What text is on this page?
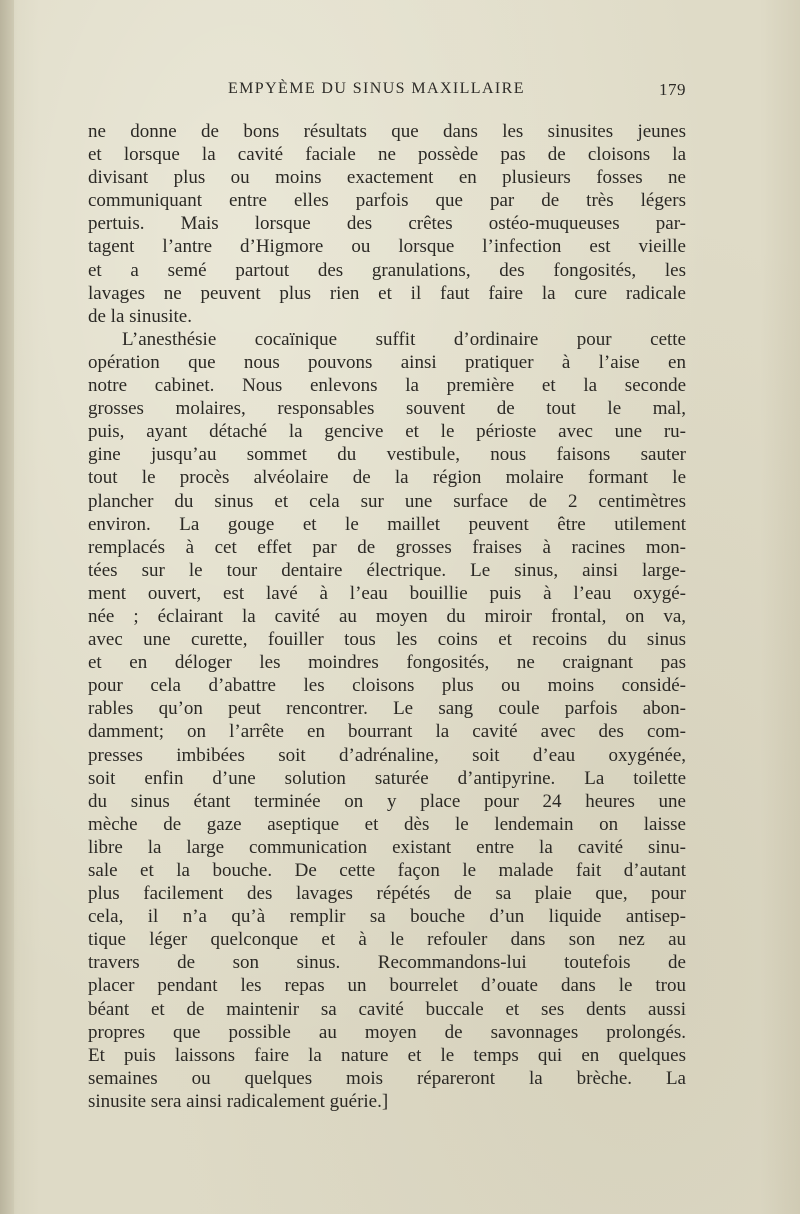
EMPYÈME DU SINUS MAXILLAIRE	179
ne donne de bons résultats que dans les sinusites jeunes
et lorsque la cavité faciale ne possède pas de cloisons la
divisant plus ou moins exactement en plusieurs fosses ne
communiquant entre elles parfois que par de très légers
pertuis. Mais lorsque des crêtes ostéo-muqueuses par-
tagent l’antre d’Higmore ou lorsque l’infection est vieille
et a semé partout des granulations, des fongosités, les
lavages ne peuvent plus rien et il faut faire la cure radicale
de la sinusite.
L’anesthésie cocaïnique suffit d’ordinaire pour cette
opération que nous pouvons ainsi pratiquer à l’aise en
notre cabinet. Nous enlevons la première et la seconde
grosses molaires, responsables souvent de tout le mal,
puis, ayant détaché la gencive et le périoste avec une ru-
gine jusqu’au sommet du vestibule, nous faisons sauter
tout le procès alvéolaire de la région molaire formant le
plancher du sinus et cela sur une surface de 2 centimètres
environ. La gouge et le maillet peuvent être utilement
remplacés à cet effet par de grosses fraises à racines mon-
tées sur le tour dentaire électrique. Le sinus, ainsi large-
ment ouvert, est lavé à l’eau bouillie puis à l’eau oxygé-
née ; éclairant la cavité au moyen du miroir frontal, on va,
avec une curette, fouiller tous les coins et recoins du sinus
et en déloger les moindres fongosités, ne craignant pas
pour cela d’abattre les cloisons plus ou moins considé-
rables qu’on peut rencontrer. Le sang coule parfois abon-
damment; on l’arrête en bourrant la cavité avec des com-
presses imbibées soit d’adrénaline, soit d’eau oxygénée,
soit enfin d’une solution saturée d’antipyrine. La toilette
du sinus étant terminée on y place pour 24 heures une
mèche de gaze aseptique et dès le lendemain on laisse
libre la large communication existant entre la cavité sinu-
sale et la bouche. De cette façon le malade fait d’autant
plus facilement des lavages répétés de sa plaie que, pour
cela, il n’a qu’à remplir sa bouche d’un liquide antisep-
tique léger quelconque et à le refouler dans son nez au
travers de son sinus. Recommandons-lui toutefois de
placer pendant les repas un bourrelet d’ouate dans le trou
béant et de maintenir sa cavité buccale et ses dents aussi
propres que possible au moyen de savonnages prolongés.
Et puis laissons faire la nature et le temps qui en quelques
semaines ou quelques mois répareront la brèche. La
sinusite sera ainsi radicalement guérie.]
